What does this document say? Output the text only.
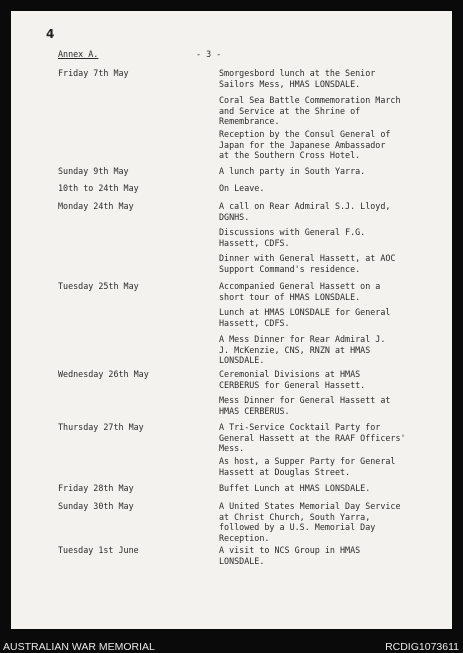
4
Annex A.	- 3 -
Friday 7th May	Smorgesbord lunch at the Senior
Sailors Mess, HMAS LONSDALE.
Coral Sea Battle Commemoration March
and Service at the Shrine of
Remembrance.
Reception by the Consul General of
Japan for the Japanese Ambassador
at the Southern Cross Hotel.
Sunday 9th May	A lunch party in South Yarra.
10th to 24th May	On Leave.
Monday 24th May	A call on Rear Admiral S.J. Lloyd,
DGNHS.
Discussions with General F.G.
Hassett, CDFS.
Dinner with General Hassett, at AOC
Support Command's residence.
Tuesday 25th May	Accompanied General Hassett on a
short tour of HMAS LONSDALE.
Lunch at HMAS LONSDALE for General
Hassett, CDFS.
A Mess Dinner for Rear Admiral J.
J. McKenzie, CNS, RNZN at HMAS
LONSDALE.
Wednesday 26th May	Ceremonial Divisions at HMAS
CERBERUS for General Hassett.
Mess Dinner for General Hassett at
HMAS CERBERUS.
Thursday 27th May	A Tri-Service Cocktail Party for
General Hassett at the RAAF Officers'
Mess.
As host, a Supper Party for General
Hassett at Douglas Street.
Friday 28th May	Buffet Lunch at HMAS LONSDALE.
Sunday 30th May	A United States Memorial Day Service
at Christ Church, South Yarra,
followed by a U.S. Memorial Day
Reception.
Tuesday 1st June	A visit to NCS Group in HMAS
LONSDALE.
AUSTRALIAN WAR MEMORIAL	RCDIG1073611
